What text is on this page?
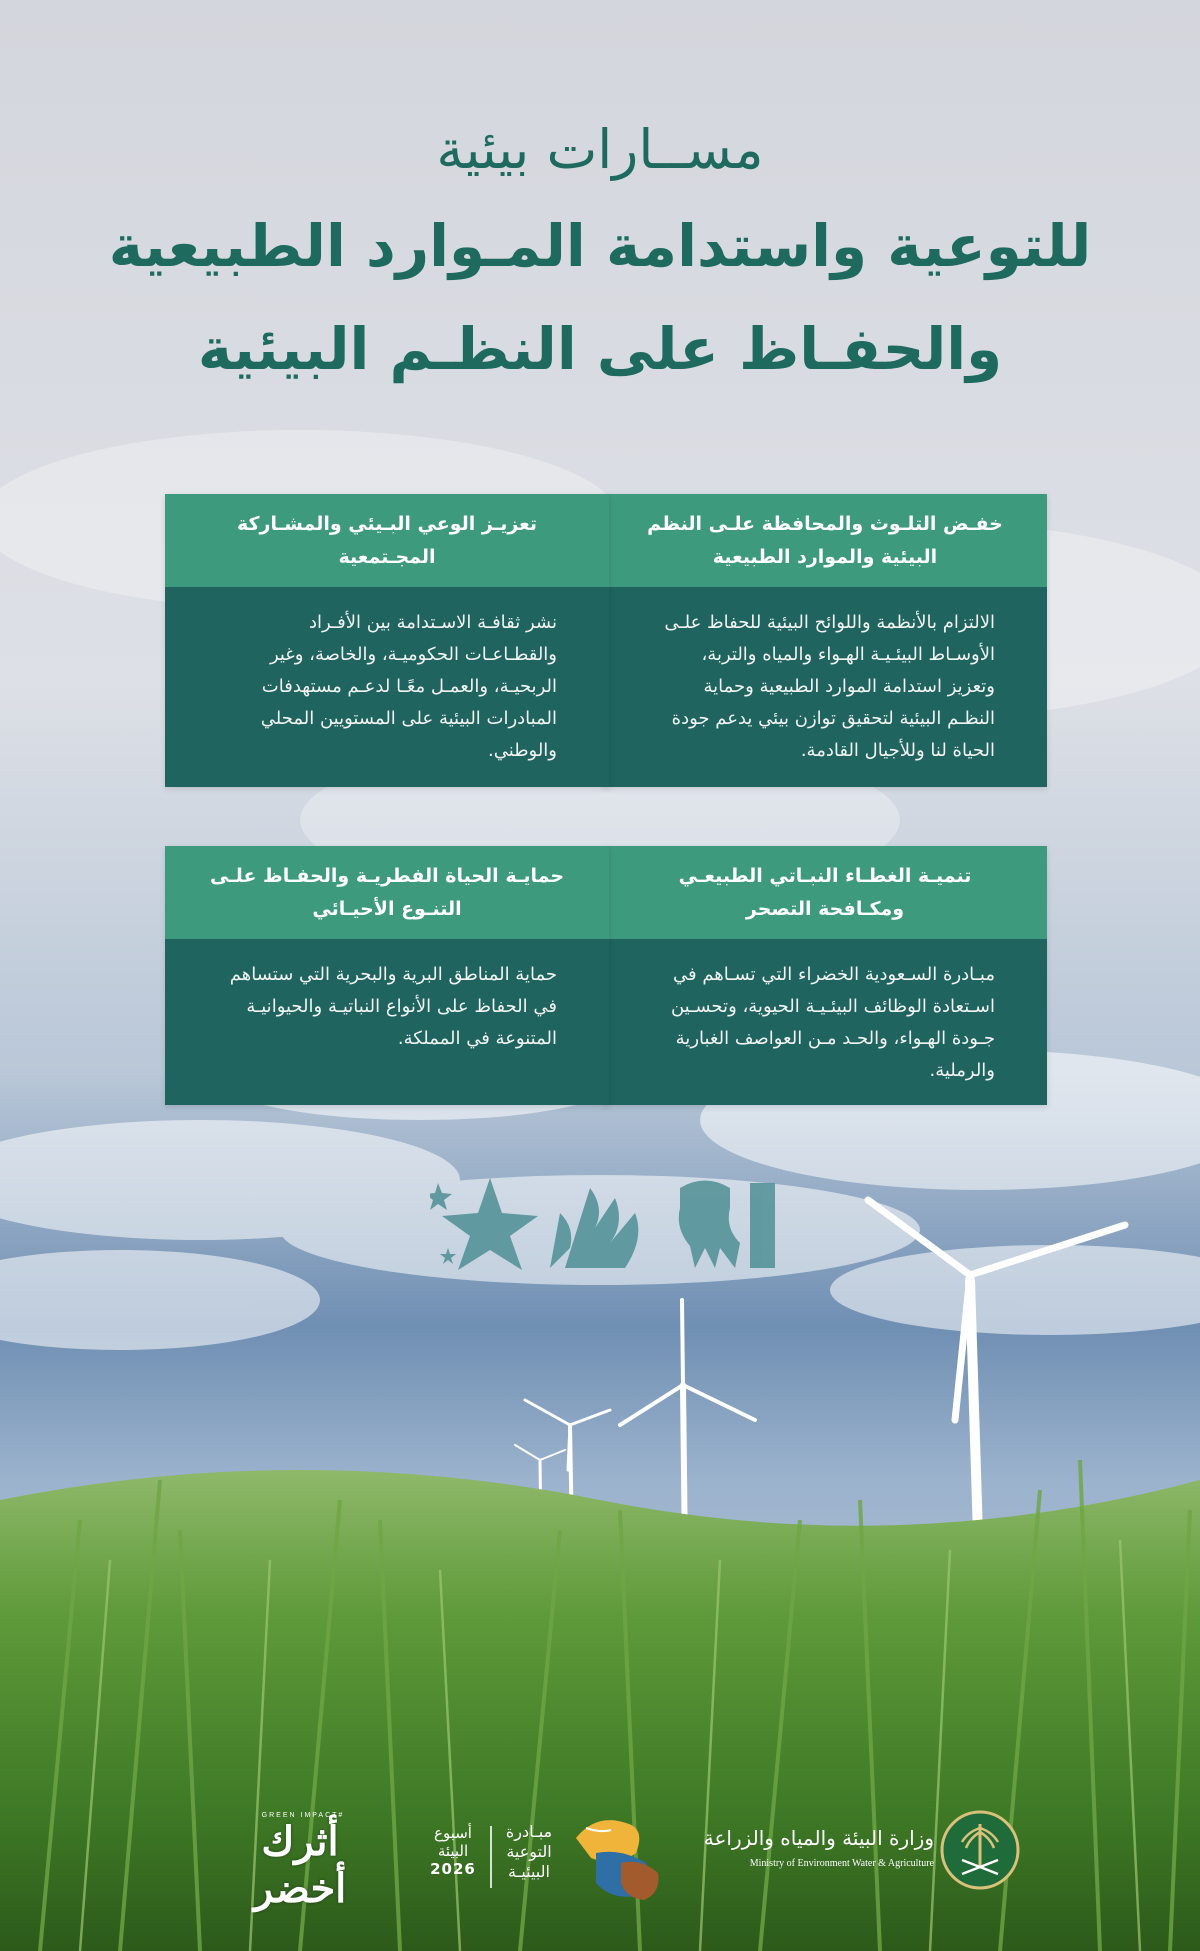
مســارات بيئية
للتوعية واستدامة المـوارد الطبيعية
والحفـاظ على النظـم البيئية
خفـض التلـوث والمحافظة علـى النظم البيئية والموارد الطبيعية
الالتزام بالأنظمة واللوائح البيئية للحفاظ علـى الأوسـاط البيئـيـة الهـواء والمياه والتربة، وتعزيز استدامة الموارد الطبيعية وحماية النظـم البيئية لتحقيق توازن بيئي يدعم جودة الحياة لنا وللأجيال القادمة.
تعزيـز الوعي البـيئي والمشـاركة المجـتمعية
نشر ثقافـة الاسـتدامة بين الأفـراد والقطـاعـات الحكوميـة، والخاصة، وغير الربحيـة، والعمـل معًـا لدعـم مستهدفات المبادرات البيئية على المستويين المحلي والوطني.
تنميـة الغطـاء النبـاتي الطبيعـي ومكـافحة التصحر
مبـادرة السـعودية الخضراء التي تسـاهم في اسـتعادة الوظائف البيئـيـة الحيوية، وتحسـين جـودة الهـواء، والحـد مـن العواصف الغبارية والرملية.
حمايـة الحياة الفطريـة والحفـاظ علـى التنـوع الأحيـائي
حماية المناطق البرية والبحرية التي ستساهم في الحفاظ على الأنواع النباتيـة والحيوانيـة المتنوعة في المملكة.
وزارة البيئة والمياه والزراعة
Ministry of Environment Water & Agriculture
مبـادرة
التوعية
البيئيـة
أسبوع
البيئة
2026
#GREEN IMPACT
أثرك أخضر
